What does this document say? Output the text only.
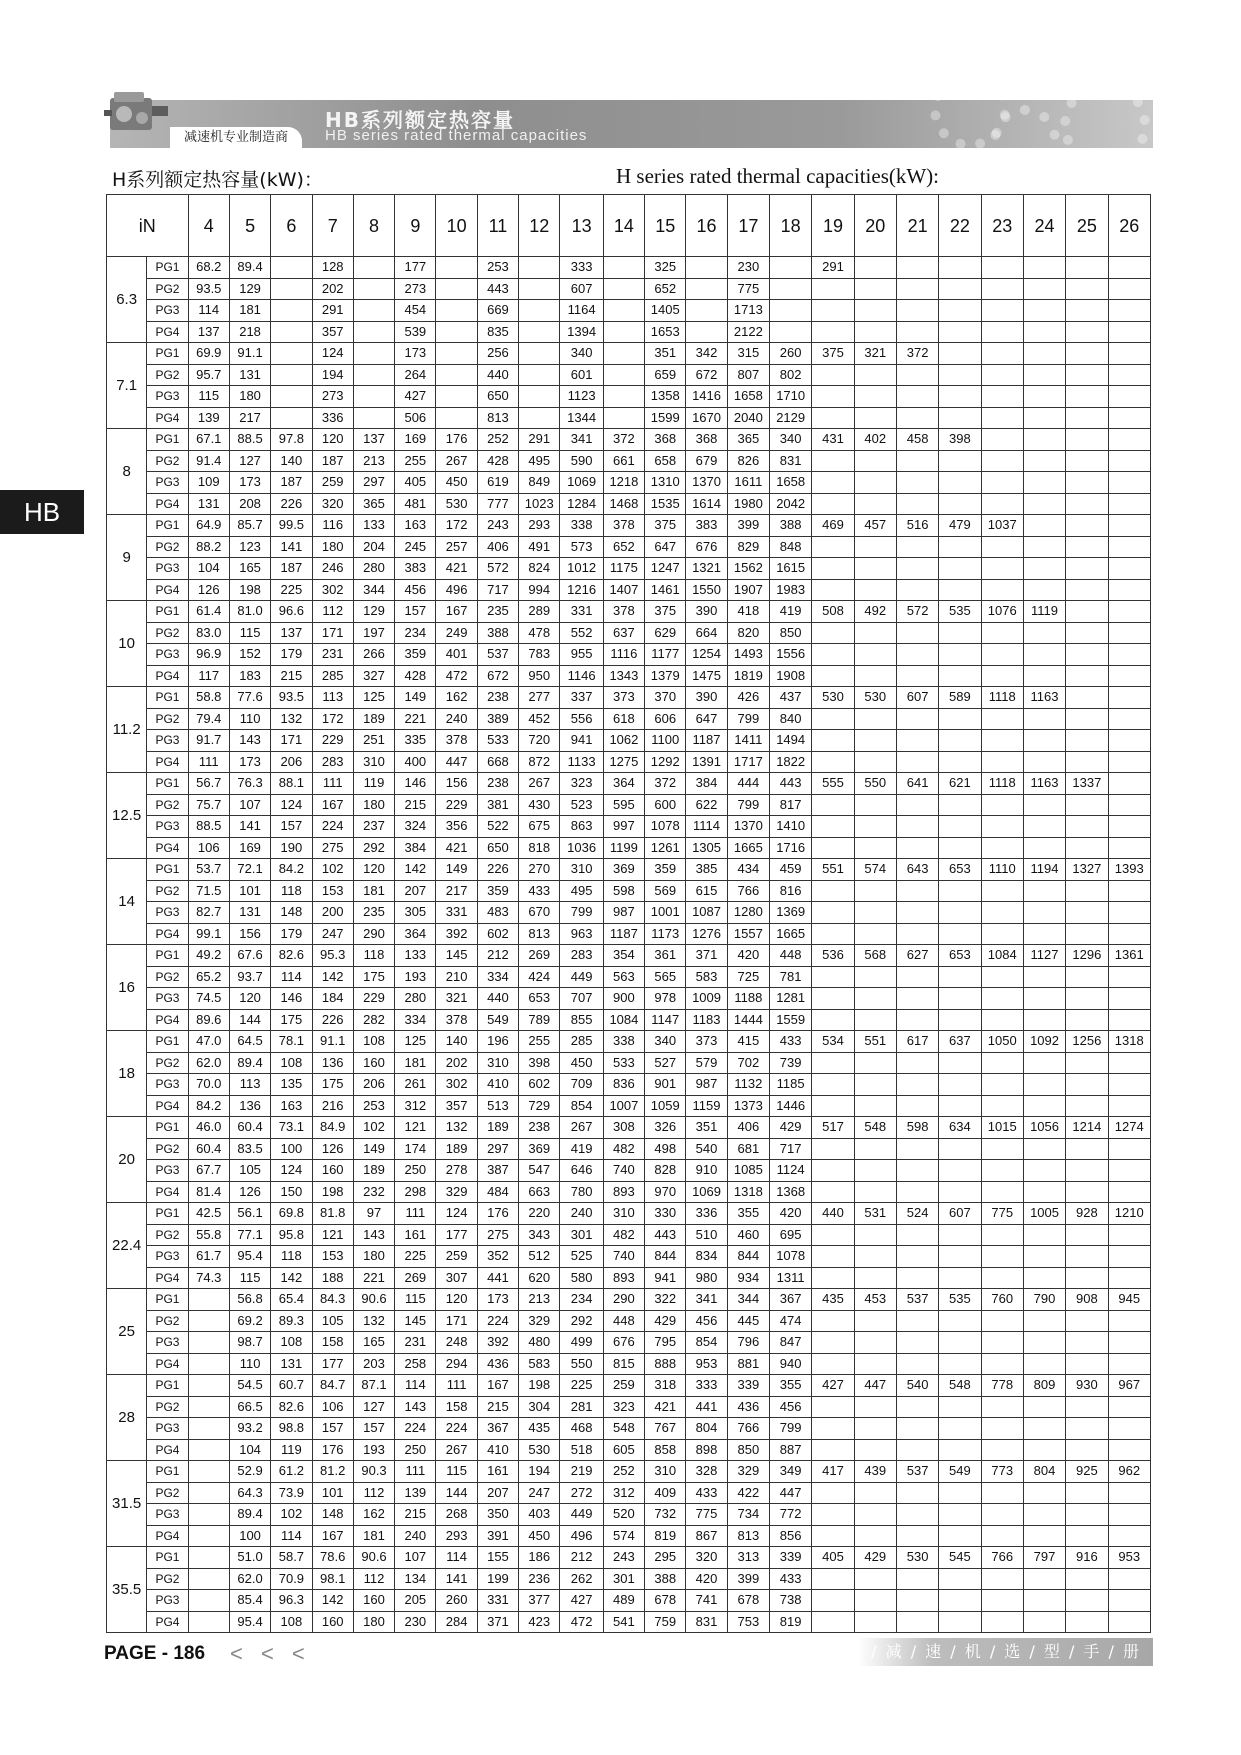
HB系列额定热容量
HB series rated thermal capacities
减速机专业制造商
HB
H系列额定热容量(kW)：	H series rated thermal capacities(kW):
iN		4	5	6	7	8	9	10	11	12	13	14	15	16	17	18	19	20	21	22	23	24	25	26
6.3	PG1	68.2	89.4		128		177		253		333		325		230		291							
	PG2	93.5	129		202		273		443		607		652		775									
	PG3	114	181		291		454		669		1164		1405		1713									
	PG4	137	218		357		539		835		1394		1653		2122									
7.1	PG1	69.9	91.1		124		173		256		340		351	342	315	260	375	321	372					
	PG2	95.7	131		194		264		440		601		659	672	807	802								
	PG3	115	180		273		427		650		1123		1358	1416	1658	1710								
	PG4	139	217		336		506		813		1344		1599	1670	2040	2129								
8	PG1	67.1	88.5	97.8	120	137	169	176	252	291	341	372	368	368	365	340	431	402	458	398				
	PG2	91.4	127	140	187	213	255	267	428	495	590	661	658	679	826	831								
	PG3	109	173	187	259	297	405	450	619	849	1069	1218	1310	1370	1611	1658								
	PG4	131	208	226	320	365	481	530	777	1023	1284	1468	1535	1614	1980	2042								
9	PG1	64.9	85.7	99.5	116	133	163	172	243	293	338	378	375	383	399	388	469	457	516	479	1037			
	PG2	88.2	123	141	180	204	245	257	406	491	573	652	647	676	829	848								
	PG3	104	165	187	246	280	383	421	572	824	1012	1175	1247	1321	1562	1615								
	PG4	126	198	225	302	344	456	496	717	994	1216	1407	1461	1550	1907	1983								
10	PG1	61.4	81.0	96.6	112	129	157	167	235	289	331	378	375	390	418	419	508	492	572	535	1076	1119		
	PG2	83.0	115	137	171	197	234	249	388	478	552	637	629	664	820	850								
	PG3	96.9	152	179	231	266	359	401	537	783	955	1116	1177	1254	1493	1556								
	PG4	117	183	215	285	327	428	472	672	950	1146	1343	1379	1475	1819	1908								
11.2	PG1	58.8	77.6	93.5	113	125	149	162	238	277	337	373	370	390	426	437	530	530	607	589	1118	1163		
	PG2	79.4	110	132	172	189	221	240	389	452	556	618	606	647	799	840								
	PG3	91.7	143	171	229	251	335	378	533	720	941	1062	1100	1187	1411	1494								
	PG4	111	173	206	283	310	400	447	668	872	1133	1275	1292	1391	1717	1822								
12.5	PG1	56.7	76.3	88.1	111	119	146	156	238	267	323	364	372	384	444	443	555	550	641	621	1118	1163	1337	
	PG2	75.7	107	124	167	180	215	229	381	430	523	595	600	622	799	817								
	PG3	88.5	141	157	224	237	324	356	522	675	863	997	1078	1114	1370	1410								
	PG4	106	169	190	275	292	384	421	650	818	1036	1199	1261	1305	1665	1716								
14	PG1	53.7	72.1	84.2	102	120	142	149	226	270	310	369	359	385	434	459	551	574	643	653	1110	1194	1327	1393
	PG2	71.5	101	118	153	181	207	217	359	433	495	598	569	615	766	816								
	PG3	82.7	131	148	200	235	305	331	483	670	799	987	1001	1087	1280	1369								
	PG4	99.1	156	179	247	290	364	392	602	813	963	1187	1173	1276	1557	1665								
16	PG1	49.2	67.6	82.6	95.3	118	133	145	212	269	283	354	361	371	420	448	536	568	627	653	1084	1127	1296	1361
	PG2	65.2	93.7	114	142	175	193	210	334	424	449	563	565	583	725	781								
	PG3	74.5	120	146	184	229	280	321	440	653	707	900	978	1009	1188	1281								
	PG4	89.6	144	175	226	282	334	378	549	789	855	1084	1147	1183	1444	1559								
18	PG1	47.0	64.5	78.1	91.1	108	125	140	196	255	285	338	340	373	415	433	534	551	617	637	1050	1092	1256	1318
	PG2	62.0	89.4	108	136	160	181	202	310	398	450	533	527	579	702	739								
	PG3	70.0	113	135	175	206	261	302	410	602	709	836	901	987	1132	1185								
	PG4	84.2	136	163	216	253	312	357	513	729	854	1007	1059	1159	1373	1446								
20	PG1	46.0	60.4	73.1	84.9	102	121	132	189	238	267	308	326	351	406	429	517	548	598	634	1015	1056	1214	1274
	PG2	60.4	83.5	100	126	149	174	189	297	369	419	482	498	540	681	717								
	PG3	67.7	105	124	160	189	250	278	387	547	646	740	828	910	1085	1124								
	PG4	81.4	126	150	198	232	298	329	484	663	780	893	970	1069	1318	1368								
22.4	PG1	42.5	56.1	69.8	81.8	97	111	124	176	220	240	310	330	336	355	420	440	531	524	607	775	1005	928	1210
	PG2	55.8	77.1	95.8	121	143	161	177	275	343	301	482	443	510	460	695								
	PG3	61.7	95.4	118	153	180	225	259	352	512	525	740	844	834	844	1078								
	PG4	74.3	115	142	188	221	269	307	441	620	580	893	941	980	934	1311								
25	PG1		56.8	65.4	84.3	90.6	115	120	173	213	234	290	322	341	344	367	435	453	537	535	760	790	908	945
	PG2		69.2	89.3	105	132	145	171	224	329	292	448	429	456	445	474								
	PG3		98.7	108	158	165	231	248	392	480	499	676	795	854	796	847								
	PG4		110	131	177	203	258	294	436	583	550	815	888	953	881	940								
28	PG1		54.5	60.7	84.7	87.1	114	111	167	198	225	259	318	333	339	355	427	447	540	548	778	809	930	967
	PG2		66.5	82.6	106	127	143	158	215	304	281	323	421	441	436	456								
	PG3		93.2	98.8	157	157	224	224	367	435	468	548	767	804	766	799								
	PG4		104	119	176	193	250	267	410	530	518	605	858	898	850	887								
31.5	PG1		52.9	61.2	81.2	90.3	111	115	161	194	219	252	310	328	329	349	417	439	537	549	773	804	925	962
	PG2		64.3	73.9	101	112	139	144	207	247	272	312	409	433	422	447								
	PG3		89.4	102	148	162	215	268	350	403	449	520	732	775	734	772								
	PG4		100	114	167	181	240	293	391	450	496	574	819	867	813	856								
35.5	PG1		51.0	58.7	78.6	90.6	107	114	155	186	212	243	295	320	313	339	405	429	530	545	766	797	916	953
	PG2		62.0	70.9	98.1	112	134	141	199	236	262	301	388	420	399	433								
	PG3		85.4	96.3	142	160	205	260	331	377	427	489	678	741	678	738								
	PG4		95.4	108	160	180	230	284	371	423	472	541	759	831	753	819								
PAGE - 186 < < <	/ 减 / 速 / 机 / 选 / 型 / 手 / 册 /
